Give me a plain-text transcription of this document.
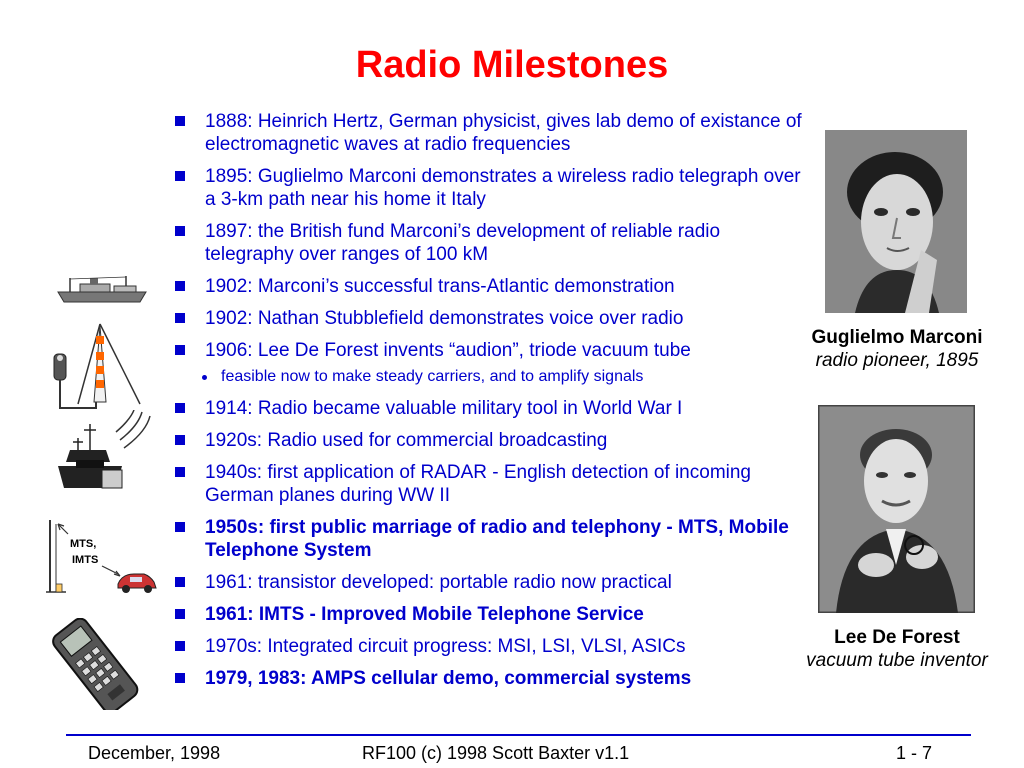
Radio Milestones
1888: Heinrich Hertz, German physicist, gives lab demo of existance of electromagnetic waves at radio frequencies
1895: Guglielmo Marconi demonstrates a wireless radio telegraph over a 3-km path near his home it Italy
1897: the British fund Marconi’s development of reliable radio telegraphy over ranges of 100 kM
1902: Marconi’s successful trans-Atlantic demonstration
1902: Nathan Stubblefield demonstrates voice over radio
1906: Lee De Forest invents “audion”, triode vacuum tube
feasible now to make steady carriers, and to amplify signals
1914: Radio became valuable military tool in World War I
1920s: Radio used for commercial broadcasting
1940s: first application of RADAR - English detection of incoming German planes during WW II
1950s: first public marriage of radio and telephony - MTS, Mobile Telephone System
1961: transistor developed: portable radio now practical
1961: IMTS - Improved Mobile Telephone Service
1970s: Integrated circuit progress: MSI, LSI, VLSI, ASICs
1979, 1983: AMPS cellular demo, commercial systems
Guglielmo Marconi
radio pioneer, 1895
Lee De Forest
vacuum tube inventor
MTS,
IMTS
December, 1998	RF100 (c) 1998 Scott Baxter v1.1	1 - 7
